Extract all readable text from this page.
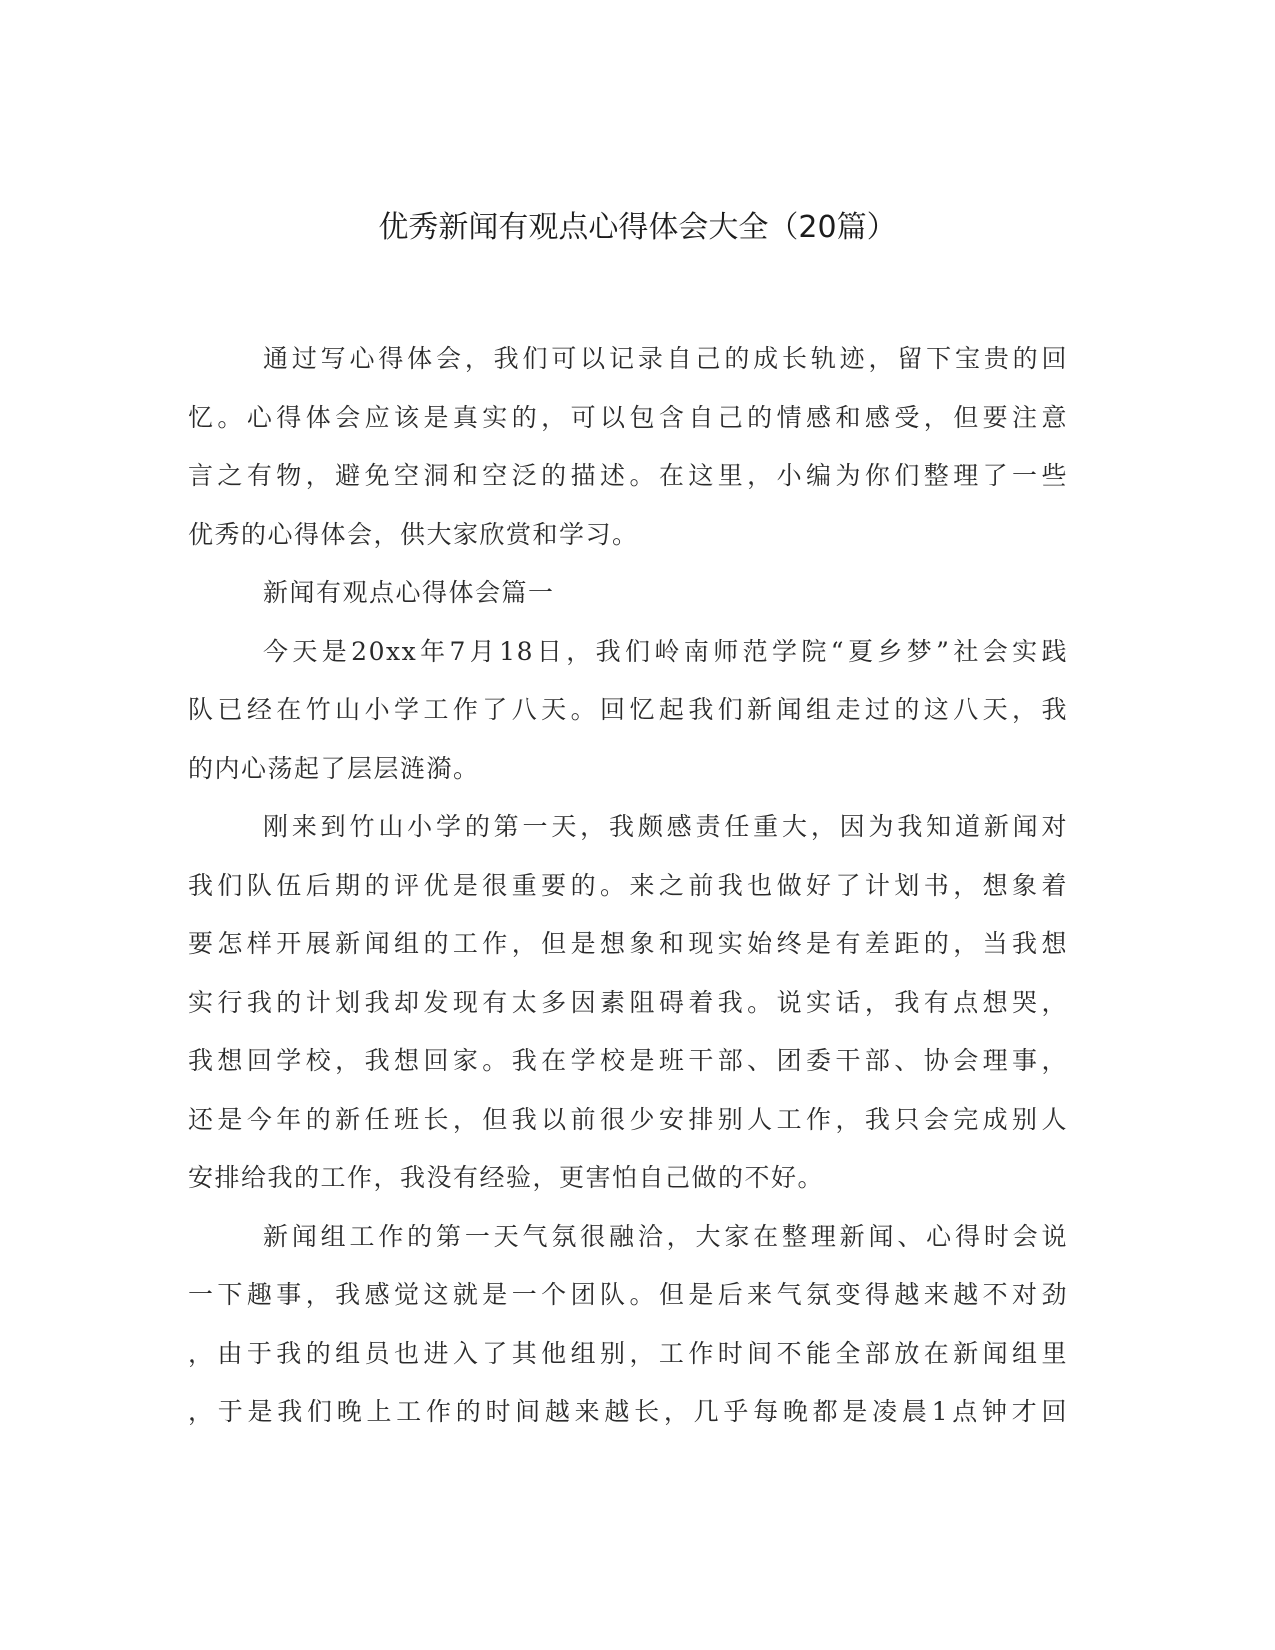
优秀新闻有观点心得体会大全（20篇）
通过写心得体会，我们可以记录自己的成长轨迹，留下宝贵的回
忆。心得体会应该是真实的，可以包含自己的情感和感受，但要注意
言之有物，避免空洞和空泛的描述。在这里，小编为你们整理了一些
优秀的心得体会，供大家欣赏和学习。
新闻有观点心得体会篇一
今天是20xx年7月18日，我们岭南师范学院“夏乡梦”社会实践
队已经在竹山小学工作了八天。回忆起我们新闻组走过的这八天，我
的内心荡起了层层涟漪。
刚来到竹山小学的第一天，我颇感责任重大，因为我知道新闻对
我们队伍后期的评优是很重要的。来之前我也做好了计划书，想象着
要怎样开展新闻组的工作，但是想象和现实始终是有差距的，当我想
实行我的计划我却发现有太多因素阻碍着我。说实话，我有点想哭，
我想回学校，我想回家。我在学校是班干部、团委干部、协会理事，
还是今年的新任班长，但我以前很少安排别人工作，我只会完成别人
安排给我的工作，我没有经验，更害怕自己做的不好。
新闻组工作的第一天气氛很融洽，大家在整理新闻、心得时会说
一下趣事，我感觉这就是一个团队。但是后来气氛变得越来越不对劲
，由于我的组员也进入了其他组别，工作时间不能全部放在新闻组里
，于是我们晚上工作的时间越来越长，几乎每晚都是凌晨1点钟才回
